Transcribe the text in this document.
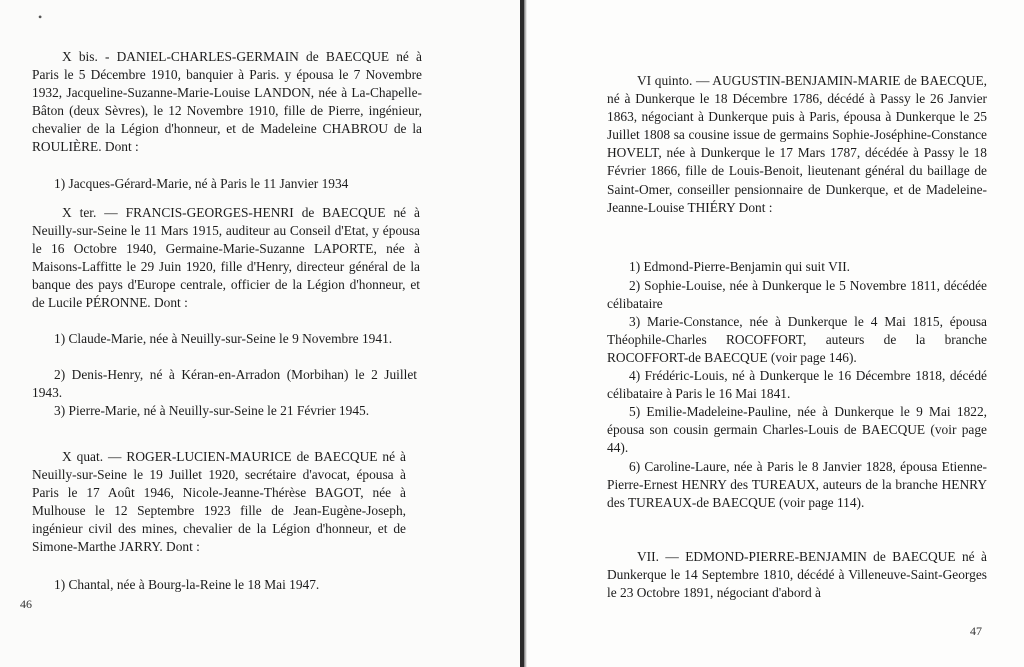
•

X bis. - DANIEL-CHARLES-GERMAIN de BAECQUE né à Paris le 5 Décembre 1910, banquier à Paris. y épousa le 7 Novembre 1932, Jacqueline-Suzanne-Marie-Louise LANDON, née à La-Chapelle-Bâton (deux Sèvres), le 12 Novembre 1910, fille de Pierre, ingénieur, chevalier de la Légion d'honneur, et de Madeleine CHABROU de la ROULIÈRE. Dont :

1) Jacques-Gérard-Marie, né à Paris le 11 Janvier 1934

X ter. — FRANCIS-GEORGES-HENRI de BAECQUE né à Neuilly-sur-Seine le 11 Mars 1915, auditeur au Conseil d'Etat, y épousa le 16 Octobre 1940, Germaine-Marie-Suzanne LAPORTE, née à Maisons-Laffitte le 29 Juin 1920, fille d'Henry, directeur général de la banque des pays d'Europe centrale, officier de la Légion d'honneur, et de Lucile PÉRONNE. Dont :

1) Claude-Marie, née à Neuilly-sur-Seine le 9 Novembre 1941.

2) Denis-Henry, né à Kéran-en-Arradon (Morbihan) le 2 Juillet 1943.

3) Pierre-Marie, né à Neuilly-sur-Seine le 21 Février 1945.

X quat. — ROGER-LUCIEN-MAURICE de BAECQUE né à Neuilly-sur-Seine le 19 Juillet 1920, secrétaire d'avocat, épousa à Paris le 17 Août 1946, Nicole-Jeanne-Thérèse BAGOT, née à Mulhouse le 12 Septembre 1923 fille de Jean-Eugène-Joseph, ingénieur civil des mines, chevalier de la Légion d'honneur, et de Simone-Marthe JARRY. Dont :

1) Chantal, née à Bourg-la-Reine le 18 Mai 1947.

46

VI quinto. — AUGUSTIN-BENJAMIN-MARIE de BAECQUE, né à Dunkerque le 18 Décembre 1786, décédé à Passy le 26 Janvier 1863, négociant à Dunkerque puis à Paris, épousa à Dunkerque le 25 Juillet 1808 sa cousine issue de germains Sophie-Joséphine-Constance HOVELT, née à Dunkerque le 17 Mars 1787, décédée à Passy le 18 Février 1866, fille de Louis-Benoit, lieutenant général du baillage de Saint-Omer, conseiller pensionnaire de Dunkerque, et de Madeleine-Jeanne-Louise THIÉRY Dont :

1) Edmond-Pierre-Benjamin qui suit VII.

2) Sophie-Louise, née à Dunkerque le 5 Novembre 1811, décédée célibataire

3) Marie-Constance, née à Dunkerque le 4 Mai 1815, épousa Théophile-Charles ROCOFFORT, auteurs de la branche ROCOFFORT-de BAECQUE (voir page 146).

4) Frédéric-Louis, né à Dunkerque le 16 Décembre 1818, décédé célibataire à Paris le 16 Mai 1841.

5) Emilie-Madeleine-Pauline, née à Dunkerque le 9 Mai 1822, épousa son cousin germain Charles-Louis de BAECQUE (voir page 44).

6) Caroline-Laure, née à Paris le 8 Janvier 1828, épousa Etienne-Pierre-Ernest HENRY des TUREAUX, auteurs de la branche HENRY des TUREAUX-de BAECQUE (voir page 114).

VII. — EDMOND-PIERRE-BENJAMIN de BAECQUE né à Dunkerque le 14 Septembre 1810, décédé à Villeneuve-Saint-Georges le 23 Octobre 1891, négociant d'abord à

47
